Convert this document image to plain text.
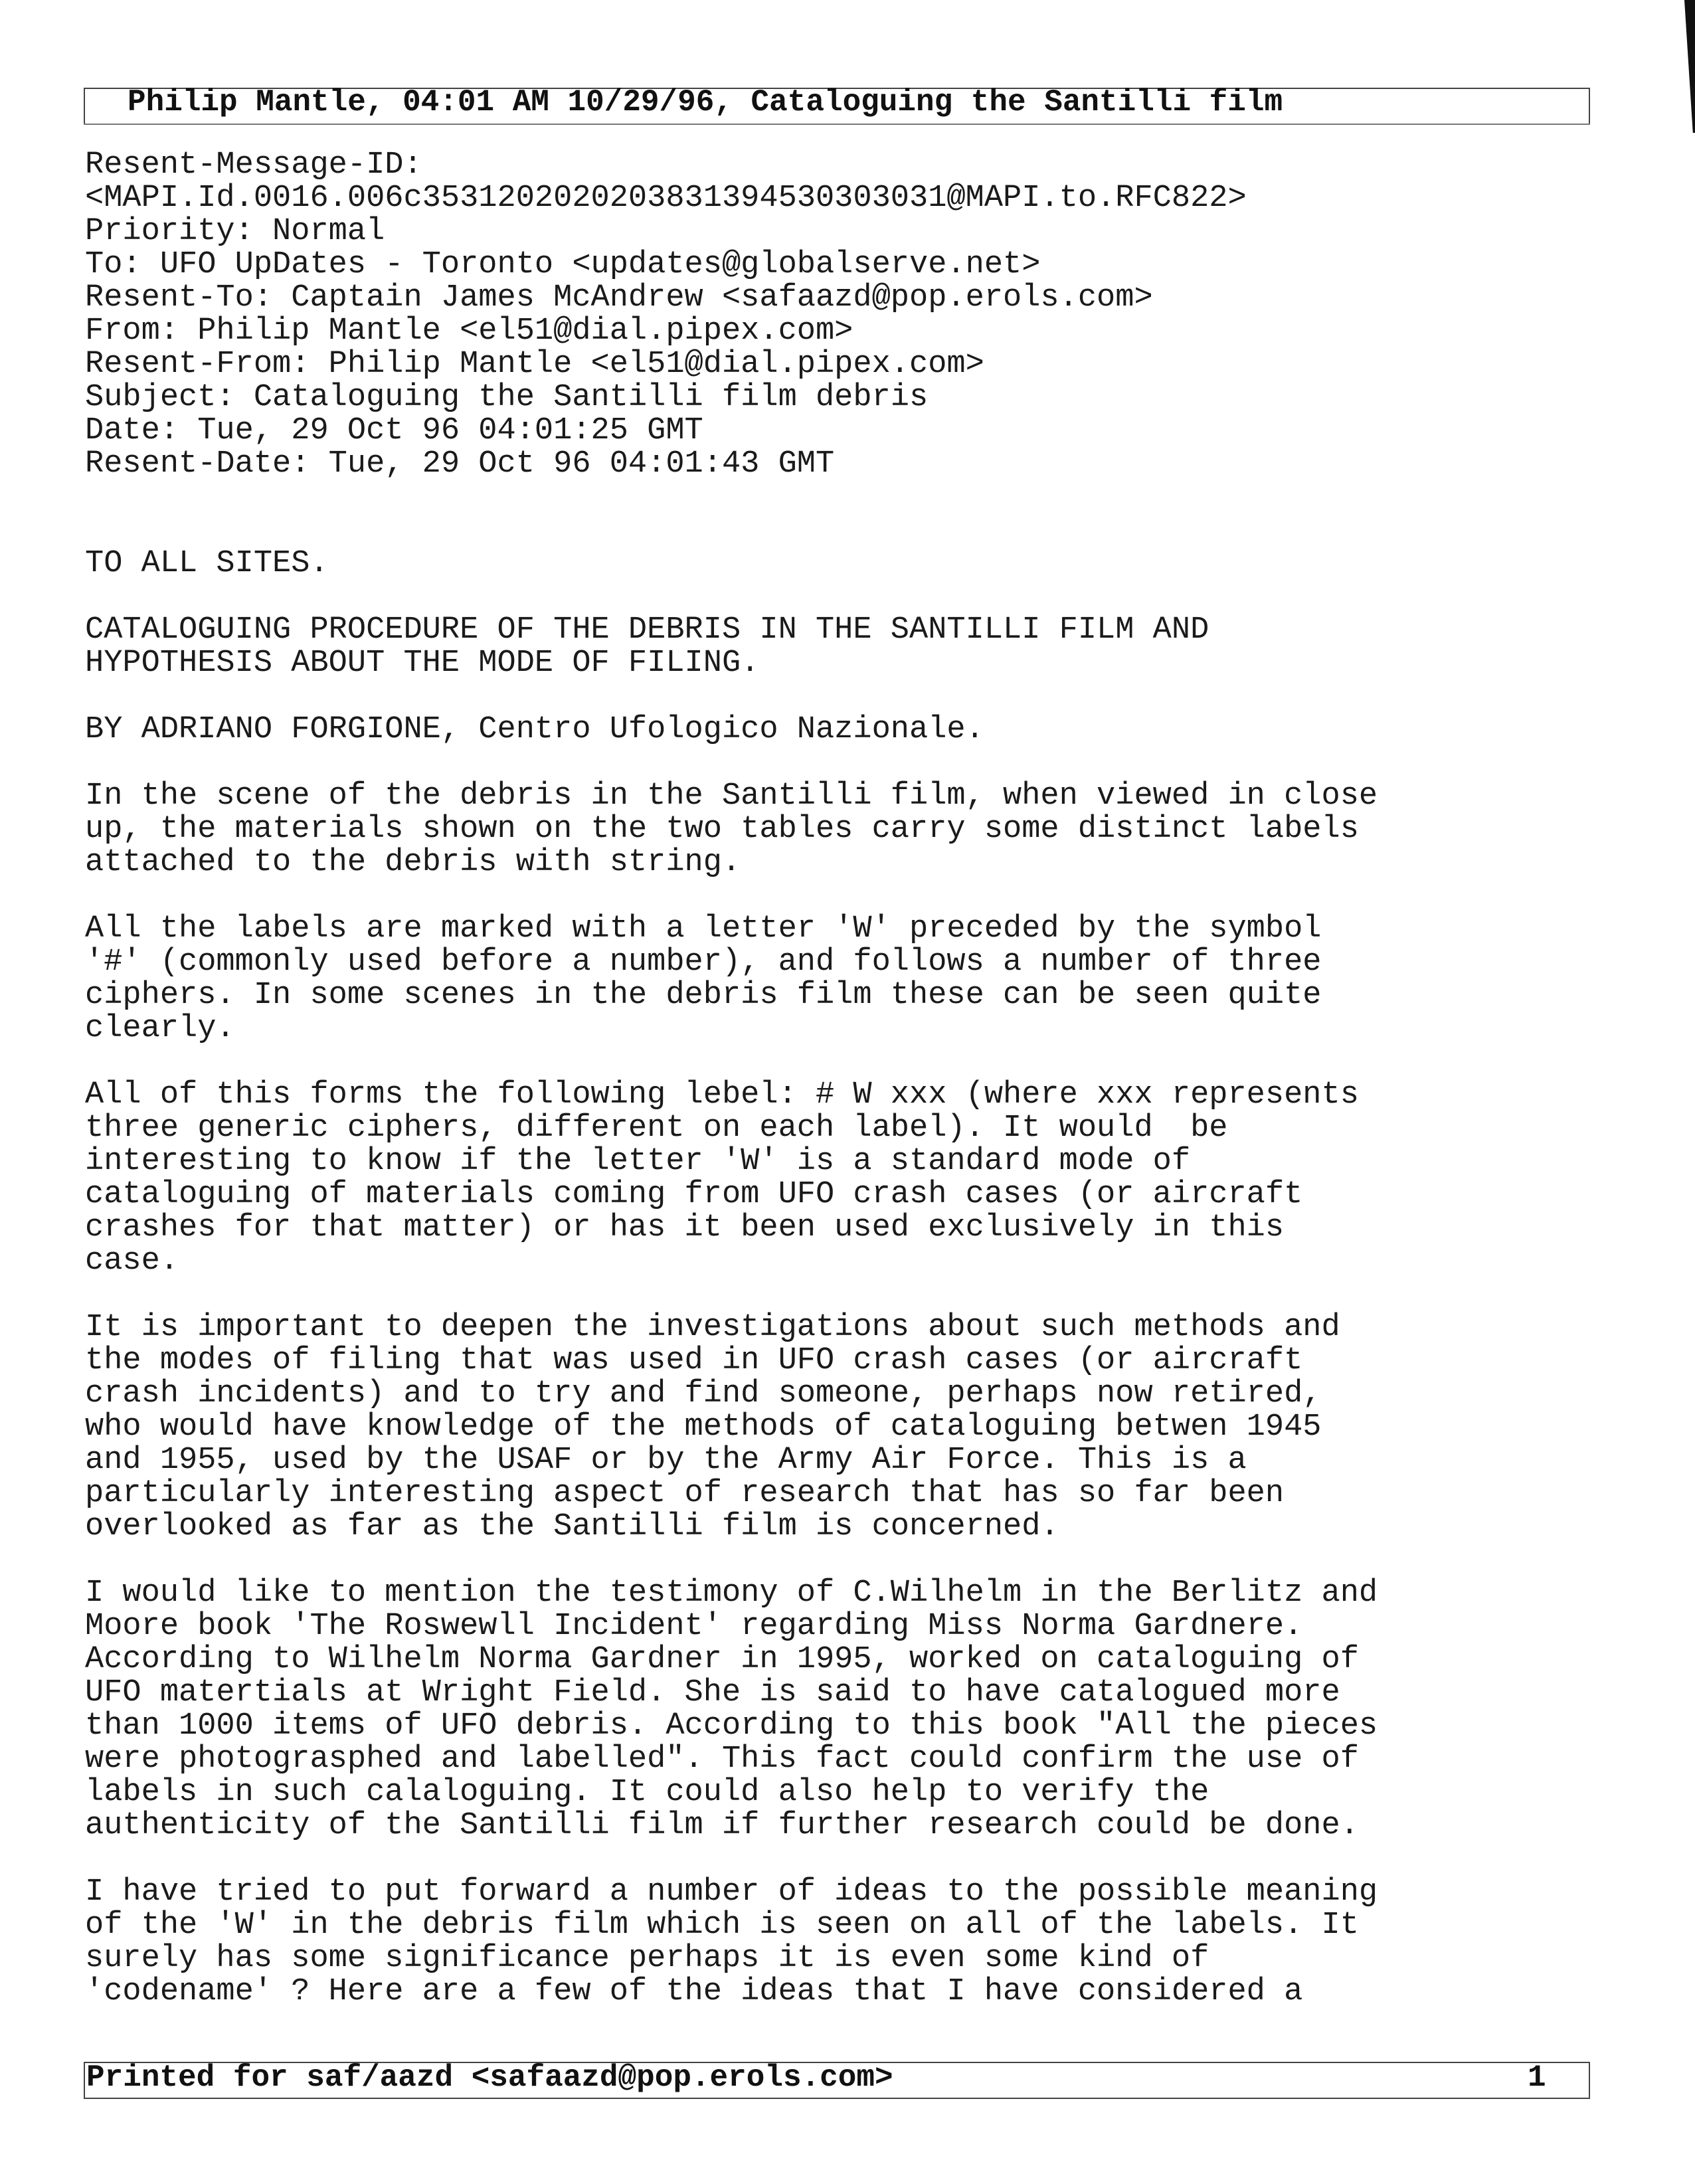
Philip Mantle, 04:01 AM 10/29/96, Cataloguing the Santilli film
Resent-Message-ID:
<MAPI.Id.0016.006c3531202020203831394530303031@MAPI.to.RFC822>
Priority: Normal
To: UFO UpDates - Toronto <updates@globalserve.net>
Resent-To: Captain James McAndrew <safaazd@pop.erols.com>
From: Philip Mantle <el51@dial.pipex.com>
Resent-From: Philip Mantle <el51@dial.pipex.com>
Subject: Cataloguing the Santilli film debris
Date: Tue, 29 Oct 96 04:01:25 GMT
Resent-Date: Tue, 29 Oct 96 04:01:43 GMT
TO ALL SITES.
CATALOGUING PROCEDURE OF THE DEBRIS IN THE SANTILLI FILM AND
HYPOTHESIS ABOUT THE MODE OF FILING.
BY ADRIANO FORGIONE, Centro Ufologico Nazionale.
In the scene of the debris in the Santilli film, when viewed in close
up, the materials shown on the two tables carry some distinct labels
attached to the debris with string.
All the labels are marked with a letter 'W' preceded by the symbol
'#' (commonly used before a number), and follows a number of three
ciphers. In some scenes in the debris film these can be seen quite
clearly.
All of this forms the following lebel: # W xxx (where xxx represents
three generic ciphers, different on each label). It would  be
interesting to know if the letter 'W' is a standard mode of
cataloguing of materials coming from UFO crash cases (or aircraft
crashes for that matter) or has it been used exclusively in this
case.
It is important to deepen the investigations about such methods and
the modes of filing that was used in UFO crash cases (or aircraft
crash incidents) and to try and find someone, perhaps now retired,
who would have knowledge of the methods of cataloguing betwen 1945
and 1955, used by the USAF or by the Army Air Force. This is a
particularly interesting aspect of research that has so far been
overlooked as far as the Santilli film is concerned.
I would like to mention the testimony of C.Wilhelm in the Berlitz and
Moore book 'The Roswewll Incident' regarding Miss Norma Gardnere.
According to Wilhelm Norma Gardner in 1995, worked on cataloguing of
UFO matertials at Wright Field. She is said to have catalogued more
than 1000 items of UFO debris. According to this book "All the pieces
were photograsphed and labelled". This fact could confirm the use of
labels in such calaloguing. It could also help to verify the
authenticity of the Santilli film if further research could be done.
I have tried to put forward a number of ideas to the possible meaning
of the 'W' in the debris film which is seen on all of the labels. It
surely has some significance perhaps it is even some kind of
'codename' ? Here are a few of the ideas that I have considered a
Printed for saf/aazd <safaazd@pop.erols.com>	1
